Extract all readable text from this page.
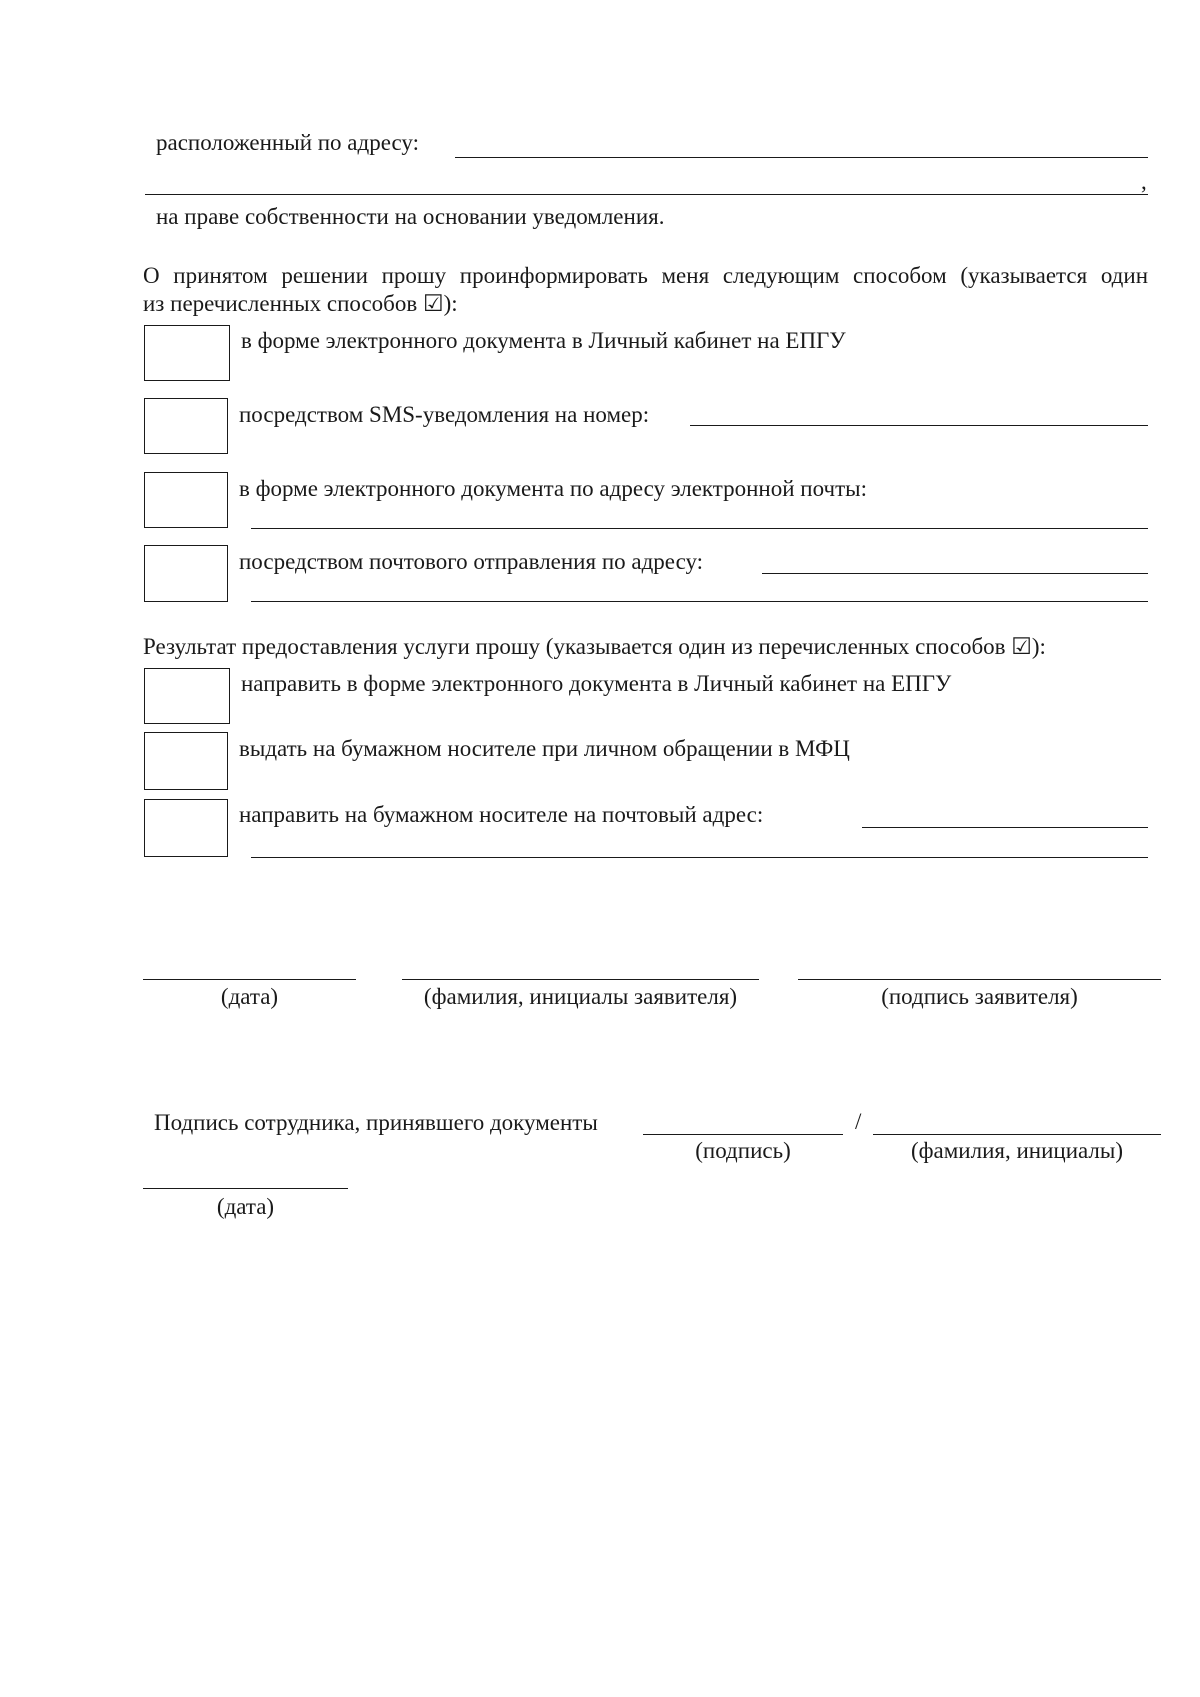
расположенный по адресу:
,
на праве собственности на основании уведомления.
О принятом решении прошу проинформировать меня следующим способом (указывается один
из перечисленных способов ☑):
в форме электронного документа в Личный кабинет на ЕПГУ
посредством SMS-уведомления на номер:
в форме электронного документа по адресу электронной почты:
посредством почтового отправления по адресу:
Результат предоставления услуги прошу (указывается один из перечисленных способов ☑):
направить в форме электронного документа в Личный кабинет на ЕПГУ
выдать на бумажном носителе при личном обращении в МФЦ
направить на бумажном носителе на почтовый адрес:
(дата)	(фамилия, инициалы заявителя)	(подпись заявителя)
Подпись сотрудника, принявшего документы	/
(подпись)	(фамилия, инициалы)
(дата)
